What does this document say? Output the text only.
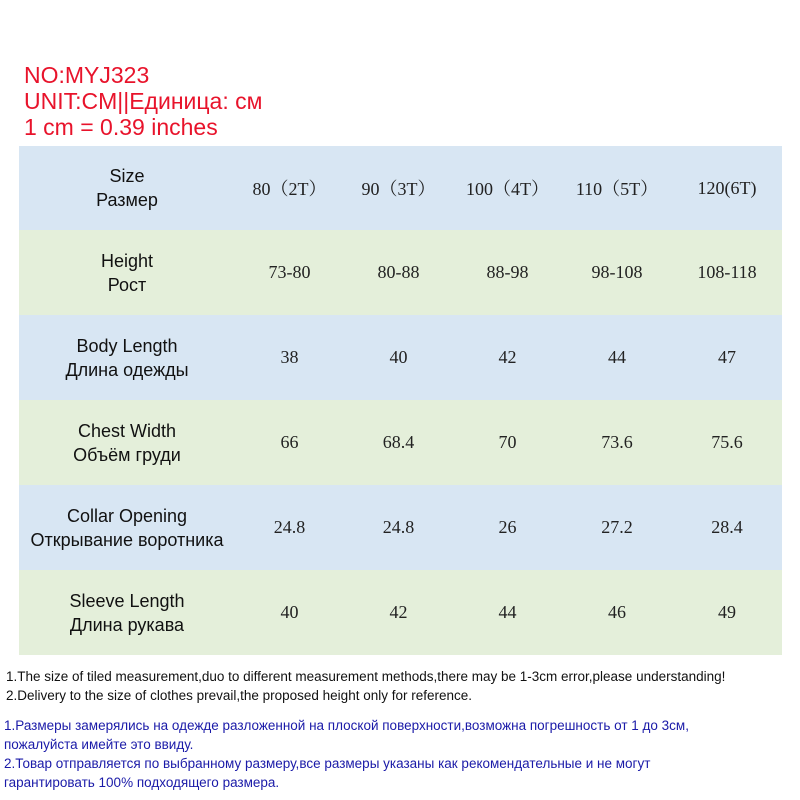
NO:MYJ323
UNIT:CM||Единица: см
1 cm = 0.39 inches
Size
Размер	80（2T）	90（3T）	100（4T）	110（5T）	120(6T)

Height
Рост	73-80	80-88	88-98	98-108	108-118

Body Length
Длина одежды	38	40	42	44	47

Chest Width
Объём груди	66	68.4	70	73.6	75.6

Collar Opening
Открывание воротника	24.8	24.8	26	27.2	28.4

Sleeve Length
Длина рукава	40	42	44	46	49
1.The size of tiled measurement,duo to different measurement methods,there may be 1-3cm error,please understanding!
2.Delivery to the size of clothes prevail,the proposed height only for reference.
1.Размеры замерялись на одежде разложенной на плоской поверхности,возможна погрешность от 1 до 3см,
пожалуйста имейте это ввиду.
2.Товар отправляется по выбранному размеру,все размеры указаны как рекомендательные и не могут
гарантировать 100% подходящего размера.
